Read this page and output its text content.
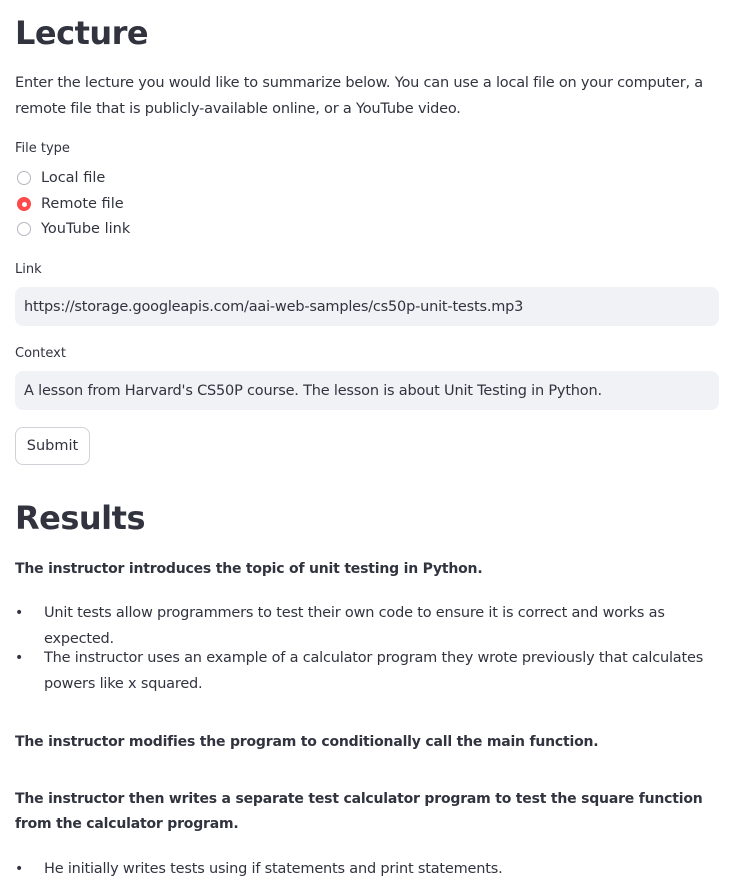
Lecture

Enter the lecture you would like to summarize below. You can use a local file on your computer, a remote file that is publicly-available online, or a YouTube video.

File type
Local file
Remote file
YouTube link
Link
https://storage.googleapis.com/aai-web-samples/cs50p-unit-tests.mp3
Context
A lesson from Harvard's CS50P course. The lesson is about Unit Testing in Python.
Submit
Results
The instructor introduces the topic of unit testing in Python.
• Unit tests allow programmers to test their own code to ensure it is correct and works as expected.
• The instructor uses an example of a calculator program they wrote previously that calculates powers like x squared.
The instructor modifies the program to conditionally call the main function.
The instructor then writes a separate test calculator program to test the square function from the calculator program.
• He initially writes tests using if statements and print statements.
